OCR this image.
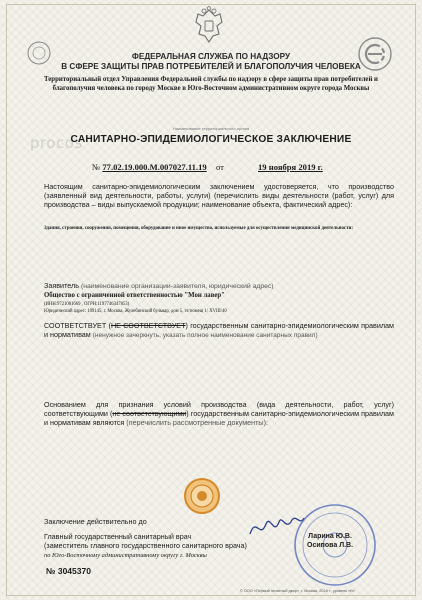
procos
ФЕДЕРАЛЬНАЯ СЛУЖБА ПО НАДЗОРУ
В СФЕРЕ ЗАЩИТЫ ПРАВ ПОТРЕБИТЕЛЕЙ И БЛАГОПОЛУЧИЯ ЧЕЛОВЕКА
Территориальный отдел Управления Федеральной службы по надзору в сфере защиты прав потребителей и благополучия человека по городу Москве в Юго-Восточном административном округе города Москвы
Наименование территориального органа
САНИТАРНО-ЭПИДЕМИОЛОГИЧЕСКОЕ ЗАКЛЮЧЕНИЕ
№ 77.02.19.000.М.007027.11.19 от	19 ноября 2019 г.
Настоящим санитарно-эпидемиологическим заключением удостоверяется, что производство (заявленный вид деятельности, работы, услуги) (перечислить виды деятельности (работ, услуг) для производства – виды выпускаемой продукции; наименование объекта, фактический адрес):
Здания, строения, сооружения, помещения, оборудование и иное имущество, используемые для осуществления медицинской деятельности:
Заявитель (наименование организации-заявителя, юридический адрес)
Общество с ограниченной ответственностью "Мон лавер"
(ИНН:9721081669 , ОГРН:1197746347853)
Юридический адрес: 109145, г. Москва, Жулебинский бульвар, дом 5, эт/помещ 1/ ХVIII/40
СООТВЕТСТВУЕТ (НЕ СООТВЕТСТВУЕТ) государственным санитарно-эпидемиологическим правилам и нормативам (ненужное зачеркнуть, указать полное наименование санитарных правил)
Основанием для признания условий производства (вида деятельности, работ, услуг) соответствующими (не соответствующими) государственным санитарно-эпидемиологическим правилам и нормативам являются (перечислить рассмотренные документы):
Заключение действительно до
Главный государственный санитарный врач
(заместитель главного государственного санитарного врача)
по Юго-Восточному административному округу г. Москвы
Ларина Ю.В.
Осипова Л.В.
№ 3045370
© ООО «Первый печатный двор», г. Москва, 2018 г., уровень «В»
